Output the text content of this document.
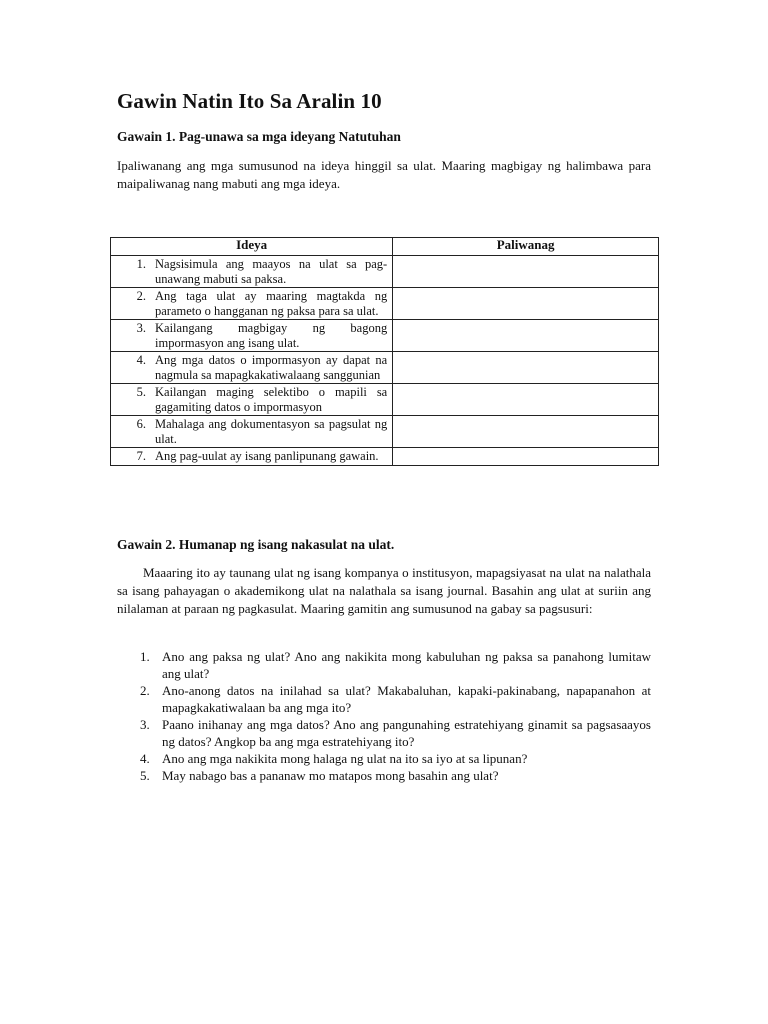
Gawin Natin Ito Sa Aralin 10
Gawain 1. Pag-unawa sa mga ideyang Natutuhan

Ipaliwanang ang mga sumusunod na ideya hinggil sa ulat. Maaring magbigay ng halimbawa para maipaliwanag nang mabuti ang mga ideya.

Ideya	Paliwanag

1. Nagsisimula ang maayos na ulat sa pag-unawang mabuti sa paksa.	

2. Ang taga ulat ay maaring magtakda ng parameto o hangganan ng paksa para sa ulat.	

3. Kailangang magbigay ng bagong impormasyon ang isang ulat.	

4. Ang mga datos o impormasyon ay dapat na nagmula sa mapagkakatiwalaang sanggunian	

5. Kailangan maging selektibo o mapili sa gagamiting datos o impormasyon	

6. Mahalaga ang dokumentasyon sa pagsulat ng ulat.	

7. Ang pag-uulat ay isang panlipunang gawain.	

Gawain 2. Humanap ng isang nakasulat na ulat.

Maaaring ito ay taunang ulat ng isang kompanya o institusyon, mapagsiyasat na ulat na nalathala sa isang pahayagan o akademikong ulat na nalathala sa isang journal. Basahin ang ulat at suriin ang nilalaman at paraan ng pagkasulat. Maaring gamitin ang sumusunod na gabay sa pagsusuri:

1. Ano ang paksa ng ulat? Ano ang nakikita mong kabuluhan ng paksa sa panahong lumitaw ang ulat?
2. Ano-anong datos na inilahad sa ulat? Makabaluhan, kapaki-pakinabang, napapanahon at mapagkakatiwalaan ba ang mga ito?
3. Paano inihanay ang mga datos? Ano ang pangunahing estratehiyang ginamit sa pagsasaayos ng datos? Angkop ba ang mga estratehiyang ito?
4. Ano ang mga nakikita mong halaga ng ulat na ito sa iyo at sa lipunan?
5. May nabago bas a pananaw mo matapos mong basahin ang ulat?
